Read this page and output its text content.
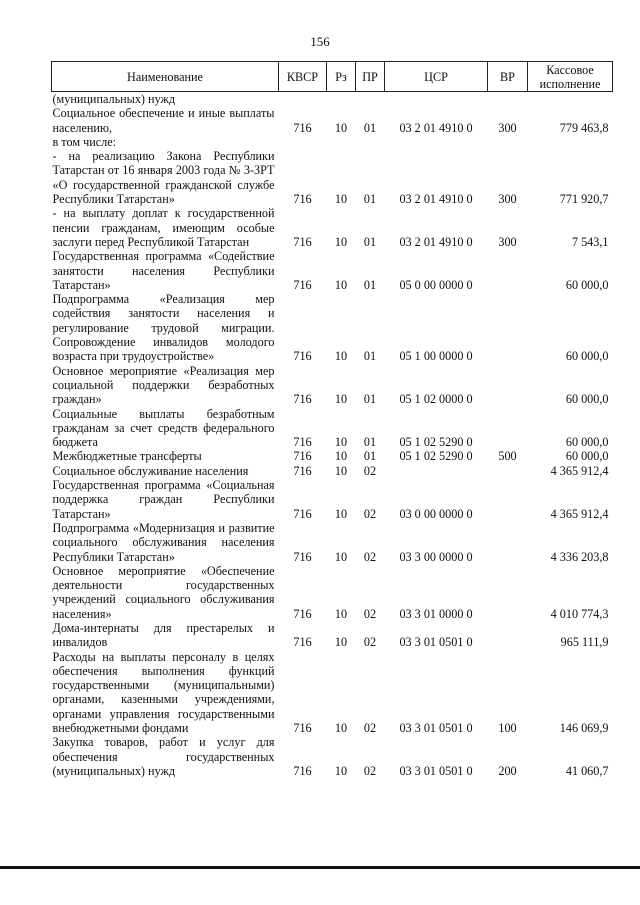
156
Наименование	КВСР	Рз	ПР	ЦСР	ВР	Кассовое исполнение
(муниципальных) нужд						
Социальное обеспечение и иные выплаты населению,	716	10	01	03 2 01 4910 0	300	779 463,8
в том числе:						
- на реализацию Закона Республики Татарстан от 16 января 2003 года № 3-ЗРТ «О государственной гражданской службе Республики Татарстан»	716	10	01	03 2 01 4910 0	300	771 920,7
- на выплату доплат к государственной пенсии гражданам, имеющим особые заслуги перед Республикой Татарстан	716	10	01	03 2 01 4910 0	300	7 543,1
Государственная программа «Содействие занятости населения Республики Татарстан»	716	10	01	05 0 00 0000 0		60 000,0
Подпрограмма «Реализация мер содействия занятости населения и регулирование трудовой миграции. Сопровождение инвалидов молодого возраста при трудоустройстве»	716	10	01	05 1 00 0000 0		60 000,0
Основное мероприятие «Реализация мер социальной поддержки безработных граждан»	716	10	01	05 1 02 0000 0		60 000,0
Социальные выплаты безработным гражданам за счет средств федерального бюджета	716	10	01	05 1 02 5290 0		60 000,0
Межбюджетные трансферты	716	10	01	05 1 02 5290 0	500	60 000,0
Социальное обслуживание населения	716	10	02			4 365 912,4
Государственная программа «Социальная поддержка граждан Республики Татарстан»	716	10	02	03 0 00 0000 0		4 365 912,4
Подпрограмма «Модернизация и развитие социального обслуживания населения Республики Татарстан»	716	10	02	03 3 00 0000 0		4 336 203,8
Основное мероприятие «Обеспечение деятельности государственных учреждений социального обслуживания населения»	716	10	02	03 3 01 0000 0		4 010 774,3
Дома-интернаты для престарелых и инвалидов	716	10	02	03 3 01 0501 0		965 111,9
Расходы на выплаты персоналу в целях обеспечения выполнения функций государственными (муниципальными) органами, казенными учреждениями, органами управления государственными внебюджетными фондами	716	10	02	03 3 01 0501 0	100	146 069,9
Закупка товаров, работ и услуг для обеспечения государственных (муниципальных) нужд	716	10	02	03 3 01 0501 0	200	41 060,7
